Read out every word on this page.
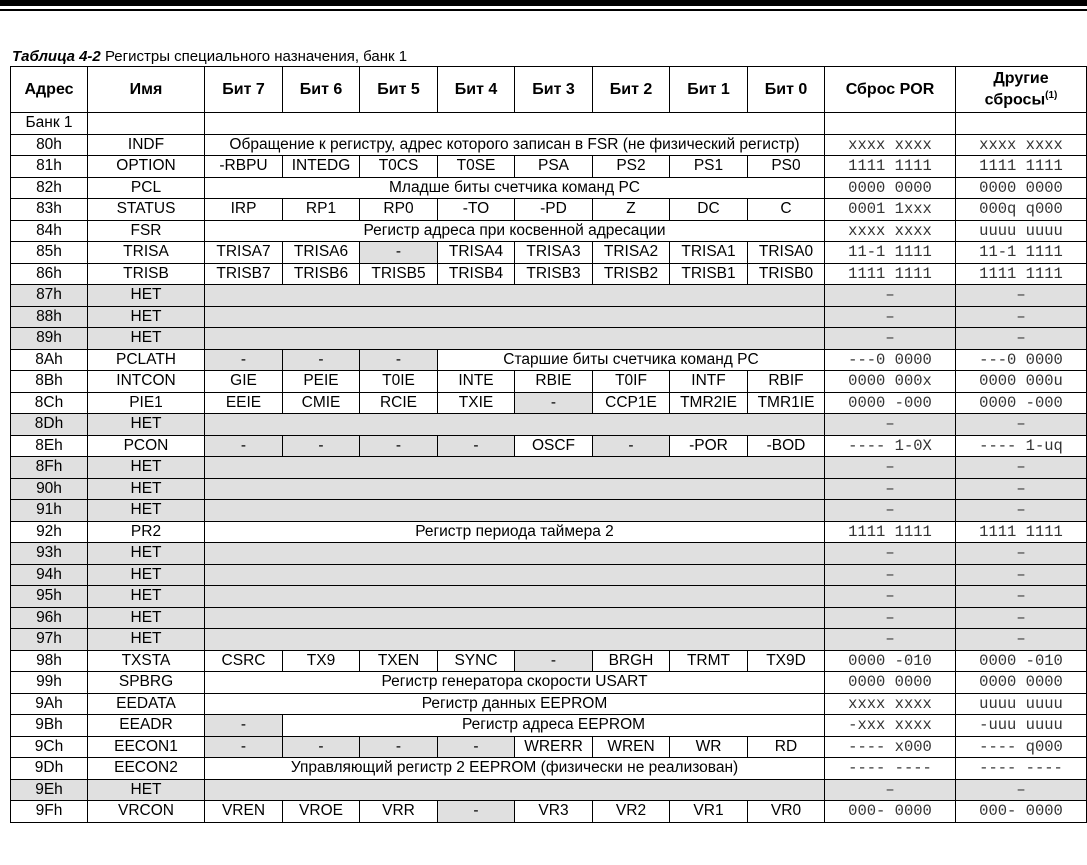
Таблица 4-2 Регистры специального назначения, банк 1
Адрес	Имя	Бит 7	Бит 6	Бит 5	Бит 4	Бит 3	Бит 2	Бит 1	Бит 0	Сброс POR	Другие
сбросы$^{(1)}$
Банк 1											
80h	INDF	Обращение к регистру, адрес которого записан в FSR (не физический регистр)								xxxx xxxx	xxxx xxxx
81h	OPTION	-RBPU	INTEDG	T0CS	T0SE	PSA	PS2	PS1	PS0	1111 1111	1111 1111
82h	PCL	Младше биты счетчика команд PC								0000 0000	0000 0000
83h	STATUS	IRP	RP1	RP0	-TO	-PD	Z	DC	C	0001 1xxx	000q q000
84h	FSR	Регистр адреса при косвенной адресации								xxxx xxxx	uuuu uuuu
85h	TRISA	TRISA7	TRISA6	-	TRISA4	TRISA3	TRISA2	TRISA1	TRISA0	11-1 1111	11-1 1111
86h	TRISB	TRISB7	TRISB6	TRISB5	TRISB4	TRISB3	TRISB2	TRISB1	TRISB0	1111 1111	1111 1111
87h	НЕТ									–	–
88h	НЕТ									–	–
89h	НЕТ									–	–
8Ah	PCLATH	-	-	-	Старшие биты счетчика команд PC					---0 0000	---0 0000
8Bh	INTCON	GIE	PEIE	T0IE	INTE	RBIE	T0IF	INTF	RBIF	0000 000x	0000 000u
8Ch	PIE1	EEIE	CMIE	RCIE	TXIE	-	CCP1E	TMR2IE	TMR1IE	0000 -000	0000 -000
8Dh	НЕТ									–	–
8Eh	PCON	-	-	-	-	OSCF	-	-POR	-BOD	---- 1-0X	---- 1-uq
8Fh	НЕТ									–	–
90h	НЕТ									–	–
91h	НЕТ									–	–
92h	PR2	Регистр периода таймера 2								1111 1111	1111 1111
93h	НЕТ									–	–
94h	НЕТ									–	–
95h	НЕТ									–	–
96h	НЕТ									–	–
97h	НЕТ									–	–
98h	TXSTA	CSRC	TX9	TXEN	SYNC	-	BRGH	TRMT	TX9D	0000 -010	0000 -010
99h	SPBRG	Регистр генератора скорости USART								0000 0000	0000 0000
9Ah	EEDATA	Регистр данных EEPROM								xxxx xxxx	uuuu uuuu
9Bh	EEADR	-	Регистр адреса EEPROM							-xxx xxxx	-uuu uuuu
9Ch	EECON1	-	-	-	-	WRERR	WREN	WR	RD	---- x000	---- q000
9Dh	EECON2	Управляющий регистр 2 EEPROM (физически не реализован)								---- ----	---- ----
9Eh	НЕТ									–	–
9Fh	VRCON	VREN	VROE	VRR	-	VR3	VR2	VR1	VR0	000- 0000	000- 0000
